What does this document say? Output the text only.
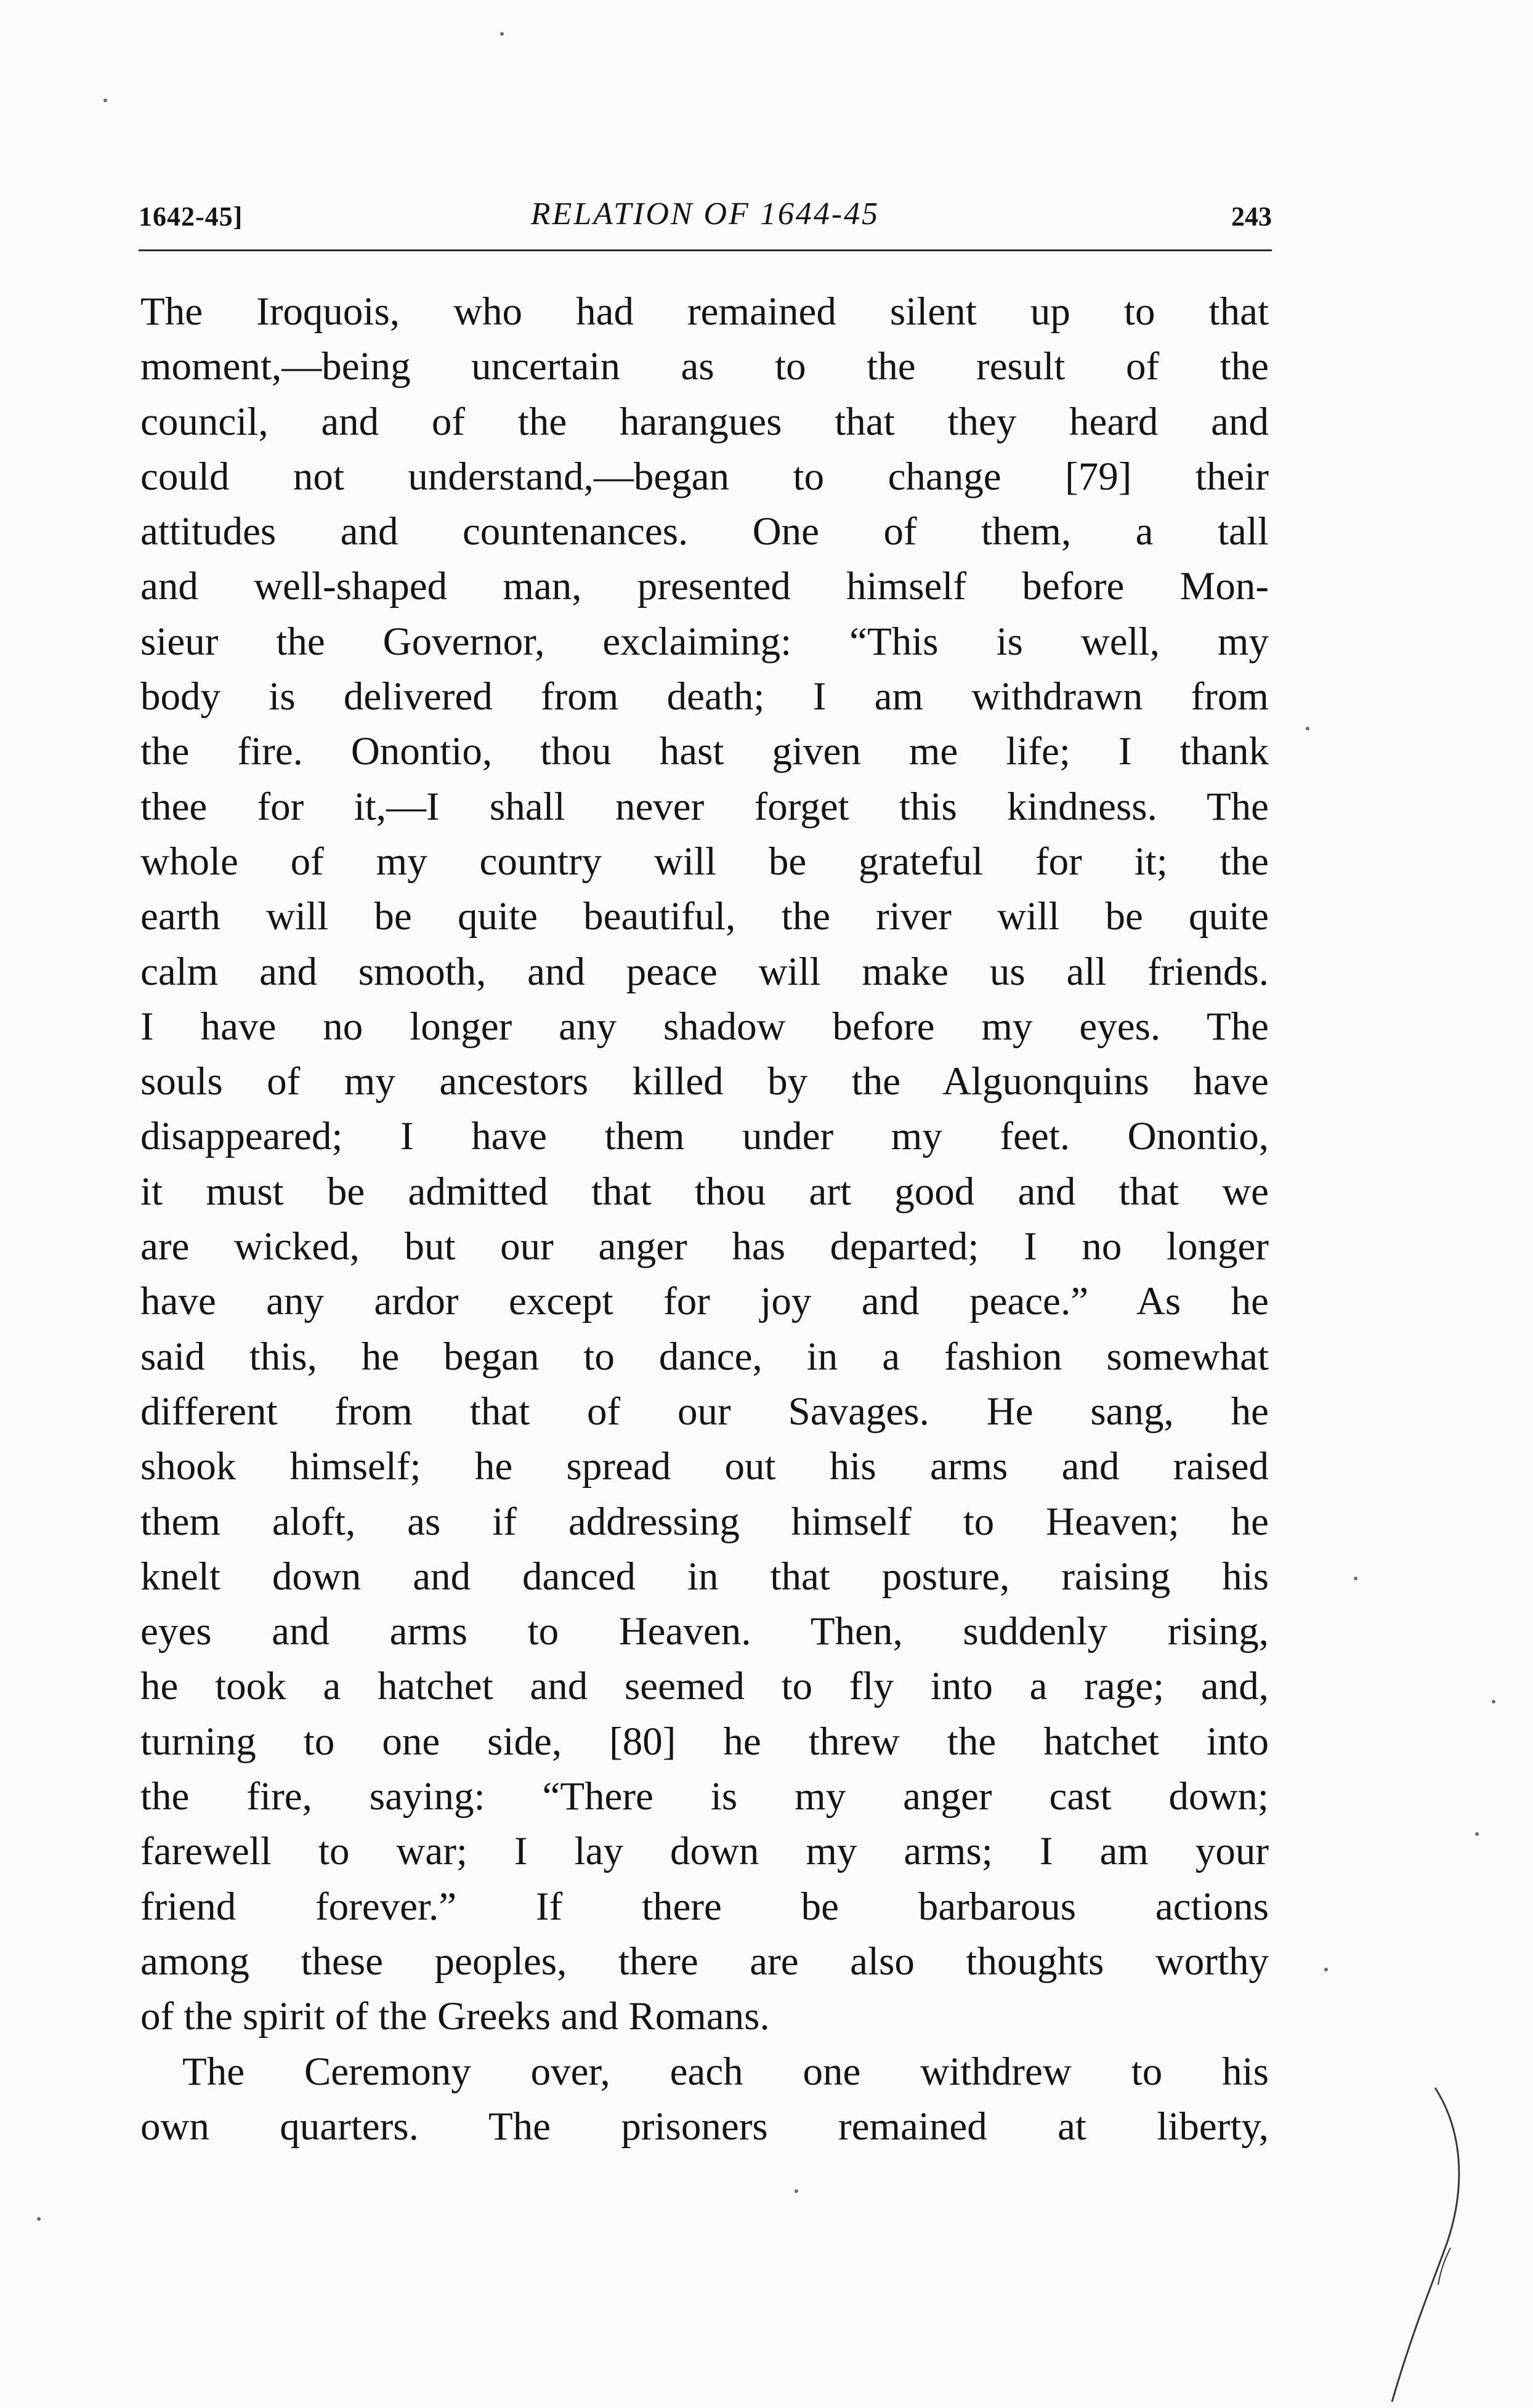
1642-45]	RELATION OF 1644-45	243
The Iroquois, who had remained silent up to that
moment,—being uncertain as to the result of the
council, and of the harangues that they heard and
could not understand,—began to change [79] their
attitudes and countenances. One of them, a tall
and well-shaped man, presented himself before Mon-
sieur the Governor, exclaiming: “This is well, my
body is delivered from death; I am withdrawn from
the fire. Onontio, thou hast given me life; I thank
thee for it,—I shall never forget this kindness. The
whole of my country will be grateful for it; the
earth will be quite beautiful, the river will be quite
calm and smooth, and peace will make us all friends.
I have no longer any shadow before my eyes. The
souls of my ancestors killed by the Alguonquins have
disappeared; I have them under my feet. Onontio,
it must be admitted that thou art good and that we
are wicked, but our anger has departed; I no longer
have any ardor except for joy and peace.” As he
said this, he began to dance, in a fashion somewhat
different from that of our Savages. He sang, he
shook himself; he spread out his arms and raised
them aloft, as if addressing himself to Heaven; he
knelt down and danced in that posture, raising his
eyes and arms to Heaven. Then, suddenly rising,
he took a hatchet and seemed to fly into a rage; and,
turning to one side, [80] he threw the hatchet into
the fire, saying: “There is my anger cast down;
farewell to war; I lay down my arms; I am your
friend forever.” If there be barbarous actions
among these peoples, there are also thoughts worthy
of the spirit of the Greeks and Romans.
The Ceremony over, each one withdrew to his
own quarters. The prisoners remained at liberty,
